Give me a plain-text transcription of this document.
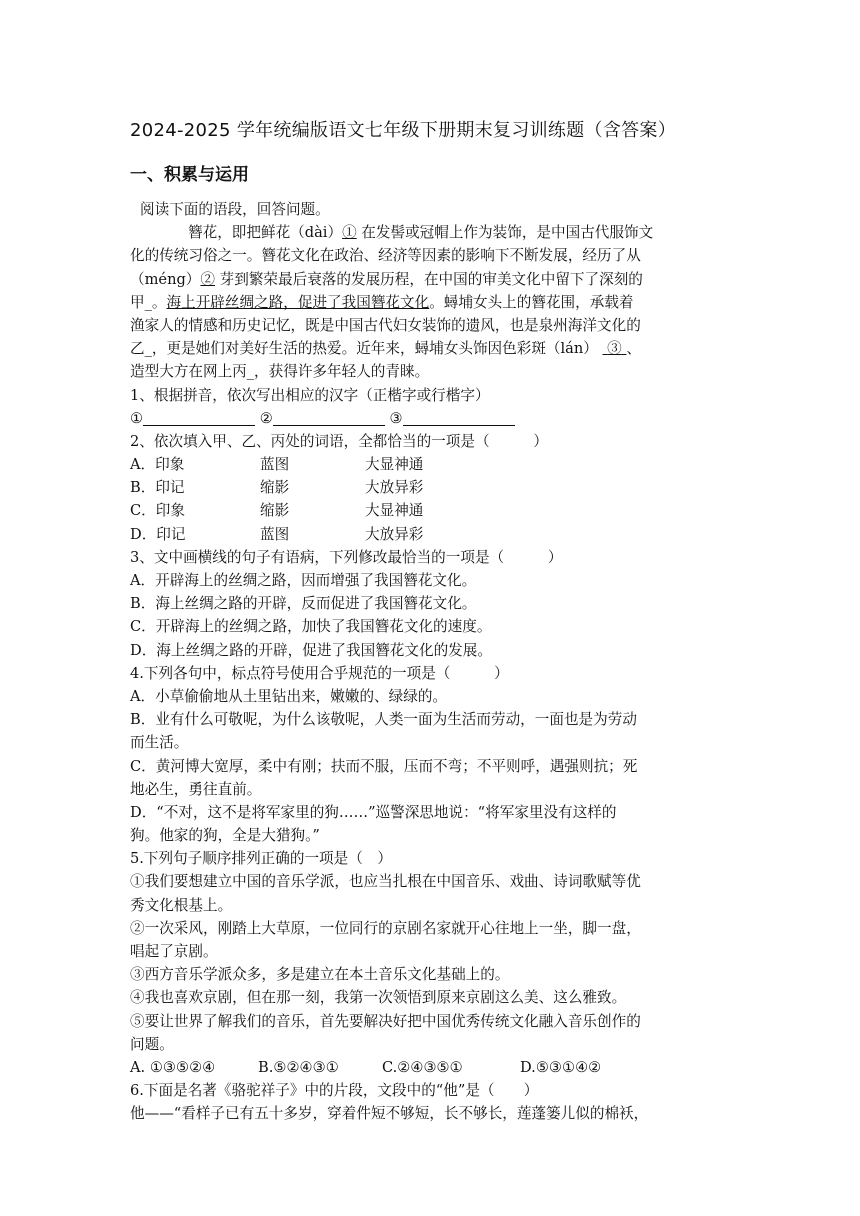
2024-2025 学年统编版语文七年级下册期末复习训练题（含答案）
一、积累与运用
阅读下面的语段，回答问题。
簪花，即把鲜花（dài）① 在发髻或冠帽上作为装饰，是中国古代服饰文
化的传统习俗之一。簪花文化在政治、经济等因素的影响下不断发展，经历了从
（méng）② 芽到繁荣最后衰落的发展历程，在中国的审美文化中留下了深刻的
甲_。海上开辟丝绸之路，促进了我国簪花文化。蟳埔女头上的簪花围，承载着
渔家人的情感和历史记忆，既是中国古代妇女装饰的遗风，也是泉州海洋文化的
乙_，更是她们对美好生活的热爱。近年来，蟳埔女头饰因色彩斑（lán） ③ 、
造型大方在网上丙_，获得许多年轻人的青睐。
1、根据拼音，依次写出相应的汉字（正楷字或行楷字）
①	②	③
2、依次填入甲、乙、丙处的词语，全都恰当的一项是（　　　）
A．印象	蓝图	大显神通
B．印记	缩影	大放异彩
C．印象	缩影	大显神通
D．印记	蓝图	大放异彩
3、文中画横线的句子有语病，下列修改最恰当的一项是（　　　）
A．开辟海上的丝绸之路，因而增强了我国簪花文化。
B．海上丝绸之路的开辟，反而促进了我国簪花文化。
C．开辟海上的丝绸之路，加快了我国簪花文化的速度。
D．海上丝绸之路的开辟，促进了我国簪花文化的发展。
4.下列各句中，标点符号使用合乎规范的一项是（　　　）
A．小草偷偷地从土里钻出来，嫩嫩的、绿绿的。
B．业有什么可敬呢，为什么该敬呢，人类一面为生活而劳动，一面也是为劳动
而生活。
C．黄河博大宽厚，柔中有刚；扶而不服，压而不弯；不平则呼，遇强则抗；死
地必生，勇往直前。
D．“不对，这不是将军家里的狗……”巡警深思地说：“将军家里没有这样的
狗。他家的狗，全是大猎狗。”
5.下列句子顺序排列正确的一项是（　）
①我们要想建立中国的音乐学派，也应当扎根在中国音乐、戏曲、诗词歌赋等优
秀文化根基上。
②一次采风，刚踏上大草原，一位同行的京剧名家就开心往地上一坐，脚一盘，
唱起了京剧。
③西方音乐学派众多，多是建立在本土音乐文化基础上的。
④我也喜欢京剧，但在那一刻，我第一次领悟到原来京剧这么美、这么雅致。
⑤要让世界了解我们的音乐，首先要解决好把中国优秀传统文化融入音乐创作的
问题。
A. ①③⑤②④	B.⑤②④③①	C.②④③⑤①	D.⑤③①④②
6.下面是名著《骆驼祥子》中的片段，文段中的“他”是（　　）
他——“看样子已有五十多岁，穿着件短不够短，长不够长，莲蓬篓儿似的棉袄，
